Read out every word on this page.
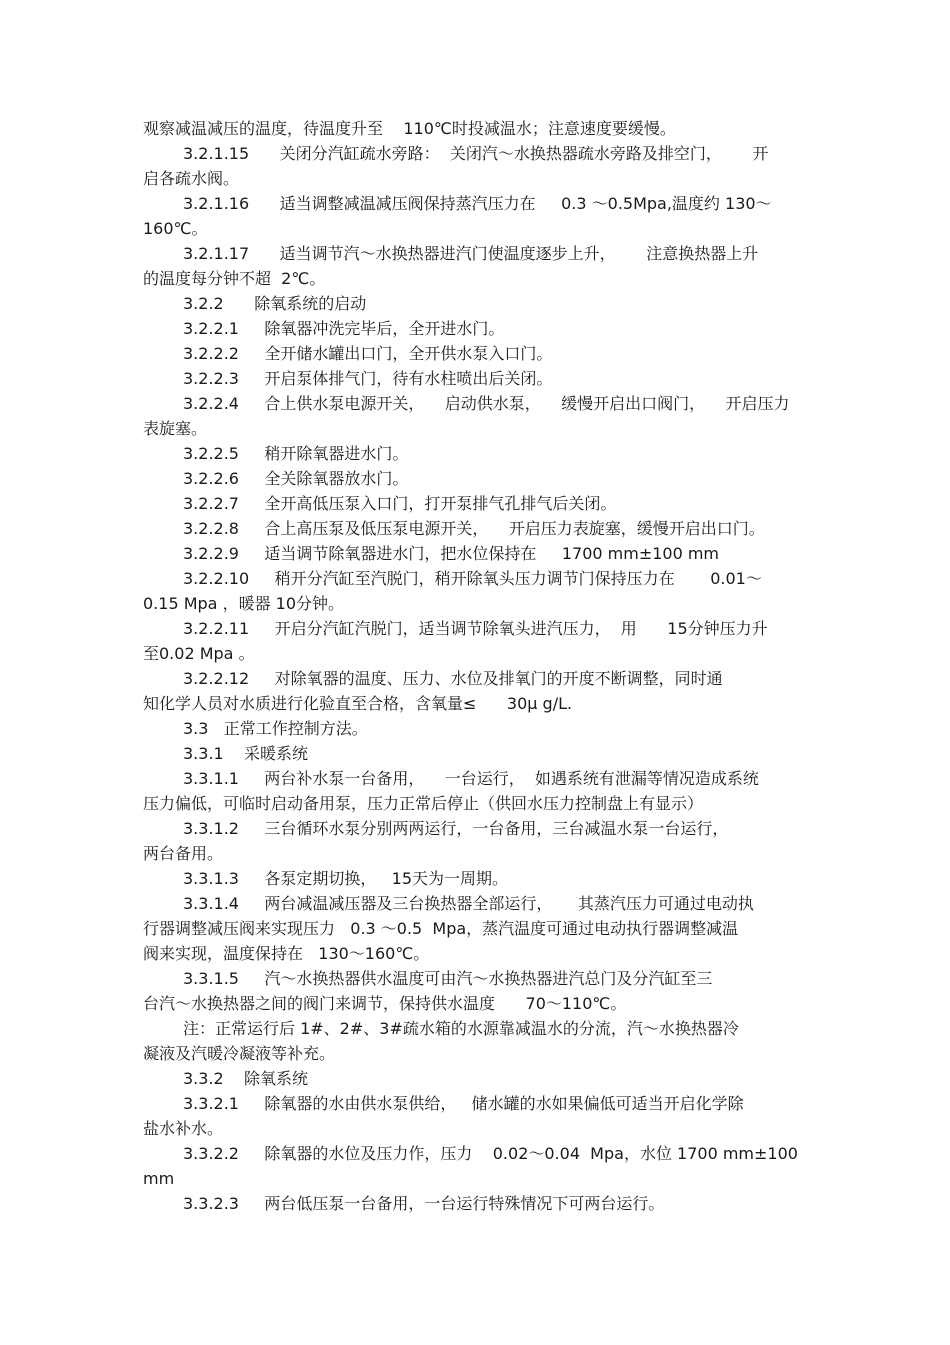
观察减温减压的温度，待温度升至    110℃时投减温水；注意速度要缓慢。
3.2.1.15      关闭分汽缸疏水旁路：  关闭汽～水换热器疏水旁路及排空门，      开
启各疏水阀。
3.2.1.16      适当调整减温减压阀保持蒸汽压力在     0.3 ～0.5Mpa,温度约 130～
160℃。
3.2.1.17      适当调节汽～水换热器进汽门使温度逐步上升，      注意换热器上升
的温度每分钟不超  2℃。
3.2.2      除氧系统的启动
3.2.2.1     除氧器冲洗完毕后，全开进水门。
3.2.2.2     全开储水罐出口门，全开供水泵入口门。
3.2.2.3     开启泵体排气门，待有水柱喷出后关闭。
3.2.2.4     合上供水泵电源开关，    启动供水泵，    缓慢开启出口阀门，    开启压力
表旋塞。
3.2.2.5     稍开除氧器进水门。
3.2.2.6     全关除氧器放水门。
3.2.2.7     全开高低压泵入口门，打开泵排气孔排气后关闭。
3.2.2.8     合上高压泵及低压泵电源开关，    开启压力表旋塞，缓慢开启出口门。
3.2.2.9     适当调节除氧器进水门，把水位保持在     1700 mm±100 mm
3.2.2.10     稍开分汽缸至汽脱门，稍开除氧头压力调节门保持压力在       0.01～
0.15 Mpa ，暖器 10分钟。
3.2.2.11     开启分汽缸汽脱门，适当调节除氧头进汽压力，  用      15分钟压力升
至0.02 Mpa 。
3.2.2.12     对除氧器的温度、压力、水位及排氧门的开度不断调整，同时通
知化学人员对水质进行化验直至合格，含氧量≤      30μ g/L.
3.3   正常工作控制方法。
3.3.1    采暖系统
3.3.1.1     两台补水泵一台备用，    一台运行，  如遇系统有泄漏等情况造成系统
压力偏低，可临时启动备用泵，压力正常后停止（供回水压力控制盘上有显示）
3.3.1.2     三台循环水泵分别两两运行，一台备用，三台减温水泵一台运行，
两台备用。
3.3.1.3     各泵定期切换，   15天为一周期。
3.3.1.4     两台减温减压器及三台换热器全部运行，     其蒸汽压力可通过电动执
行器调整减压阀来实现压力   0.3 ～0.5  Mpa，蒸汽温度可通过电动执行器调整减温
阀来实现，温度保持在   130～160℃。
3.3.1.5     汽～水换热器供水温度可由汽～水换热器进汽总门及分汽缸至三
台汽～水换热器之间的阀门来调节，保持供水温度      70～110℃。
注：正常运行后 1#、2#、3#疏水箱的水源靠减温水的分流，汽～水换热器冷
凝液及汽暖冷凝液等补充。
3.3.2    除氧系统
3.3.2.1     除氧器的水由供水泵供给，   储水罐的水如果偏低可适当开启化学除
盐水补水。
3.3.2.2     除氧器的水位及压力作，压力    0.02～0.04  Mpa，水位 1700 mm±100
mm
3.3.2.3     两台低压泵一台备用，一台运行特殊情况下可两台运行。
